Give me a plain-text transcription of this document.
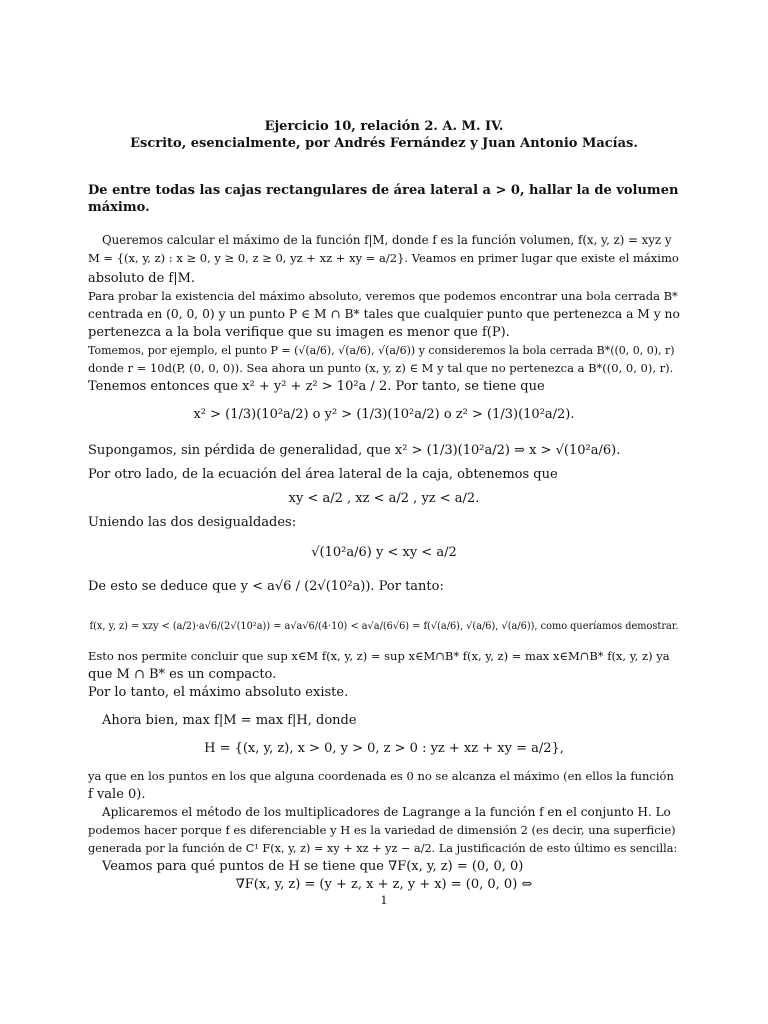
Ejercicio 10, relación 2. A. M. IV.
Escrito, esencialmente, por Andrés Fernández y Juan Antonio Macías.
De entre todas las cajas rectangulares de área lateral a > 0, hallar la de volumen
máximo.
Queremos calcular el máximo de la función f|M, donde f es la función volumen, f(x, y, z) = xyz y
M = {(x, y, z) : x ≥ 0, y ≥ 0, z ≥ 0, yz + xz + xy = a/2}. Veamos en primer lugar que existe el máximo
absoluto de f|M.
Para probar la existencia del máximo absoluto, veremos que podemos encontrar una bola cerrada B*
centrada en (0, 0, 0) y un punto P ∈ M ∩ B* tales que cualquier punto que pertenezca a M y no
pertenezca a la bola verifique que su imagen es menor que f(P).
Tomemos, por ejemplo, el punto P = (√(a/6), √(a/6), √(a/6)) y consideremos la bola cerrada B*((0, 0, 0), r)
donde r = 10d(P, (0, 0, 0)). Sea ahora un punto (x, y, z) ∈ M y tal que no pertenezca a B*((0, 0, 0), r).
Tenemos entonces que x² + y² + z² > 10²a / 2. Por tanto, se tiene que
x² > (1/3)(10²a/2) o y² > (1/3)(10²a/2) o z² > (1/3)(10²a/2).
Supongamos, sin pérdida de generalidad, que x² > (1/3)(10²a/2) ⇒ x > √(10²a/6).
Por otro lado, de la ecuación del área lateral de la caja, obtenemos que
xy < a/2 , xz < a/2 , yz < a/2.
Uniendo las dos desigualdades:
√(10²a/6) y < xy < a/2
De esto se deduce que y < a√6 / (2√(10²a)). Por tanto:
f(x, y, z) = xzy < (a/2)·a√6/(2√(10²a)) = a√a√6/(4·10) < a√a/(6√6) = f(√(a/6), √(a/6), √(a/6)), como queríamos demostrar.
Esto nos permite concluir que sup x∈M f(x, y, z) = sup x∈M∩B* f(x, y, z) = max x∈M∩B* f(x, y, z) ya
que M ∩ B* es un compacto.
Por lo tanto, el máximo absoluto existe.
Ahora bien, max f|M = max f|H, donde
H = {(x, y, z), x > 0, y > 0, z > 0 : yz + xz + xy = a/2},
ya que en los puntos en los que alguna coordenada es 0 no se alcanza el máximo (en ellos la función
f vale 0).
Aplicaremos el método de los multiplicadores de Lagrange a la función f en el conjunto H. Lo
podemos hacer porque f es diferenciable y H es la variedad de dimensión 2 (es decir, una superficie)
generada por la función de C¹ F(x, y, z) = xy + xz + yz − a/2. La justificación de esto último es sencilla:
Veamos para qué puntos de H se tiene que ∇F(x, y, z) = (0, 0, 0)
∇F(x, y, z) = (y + z, x + z, y + x) = (0, 0, 0) ⇔
1
